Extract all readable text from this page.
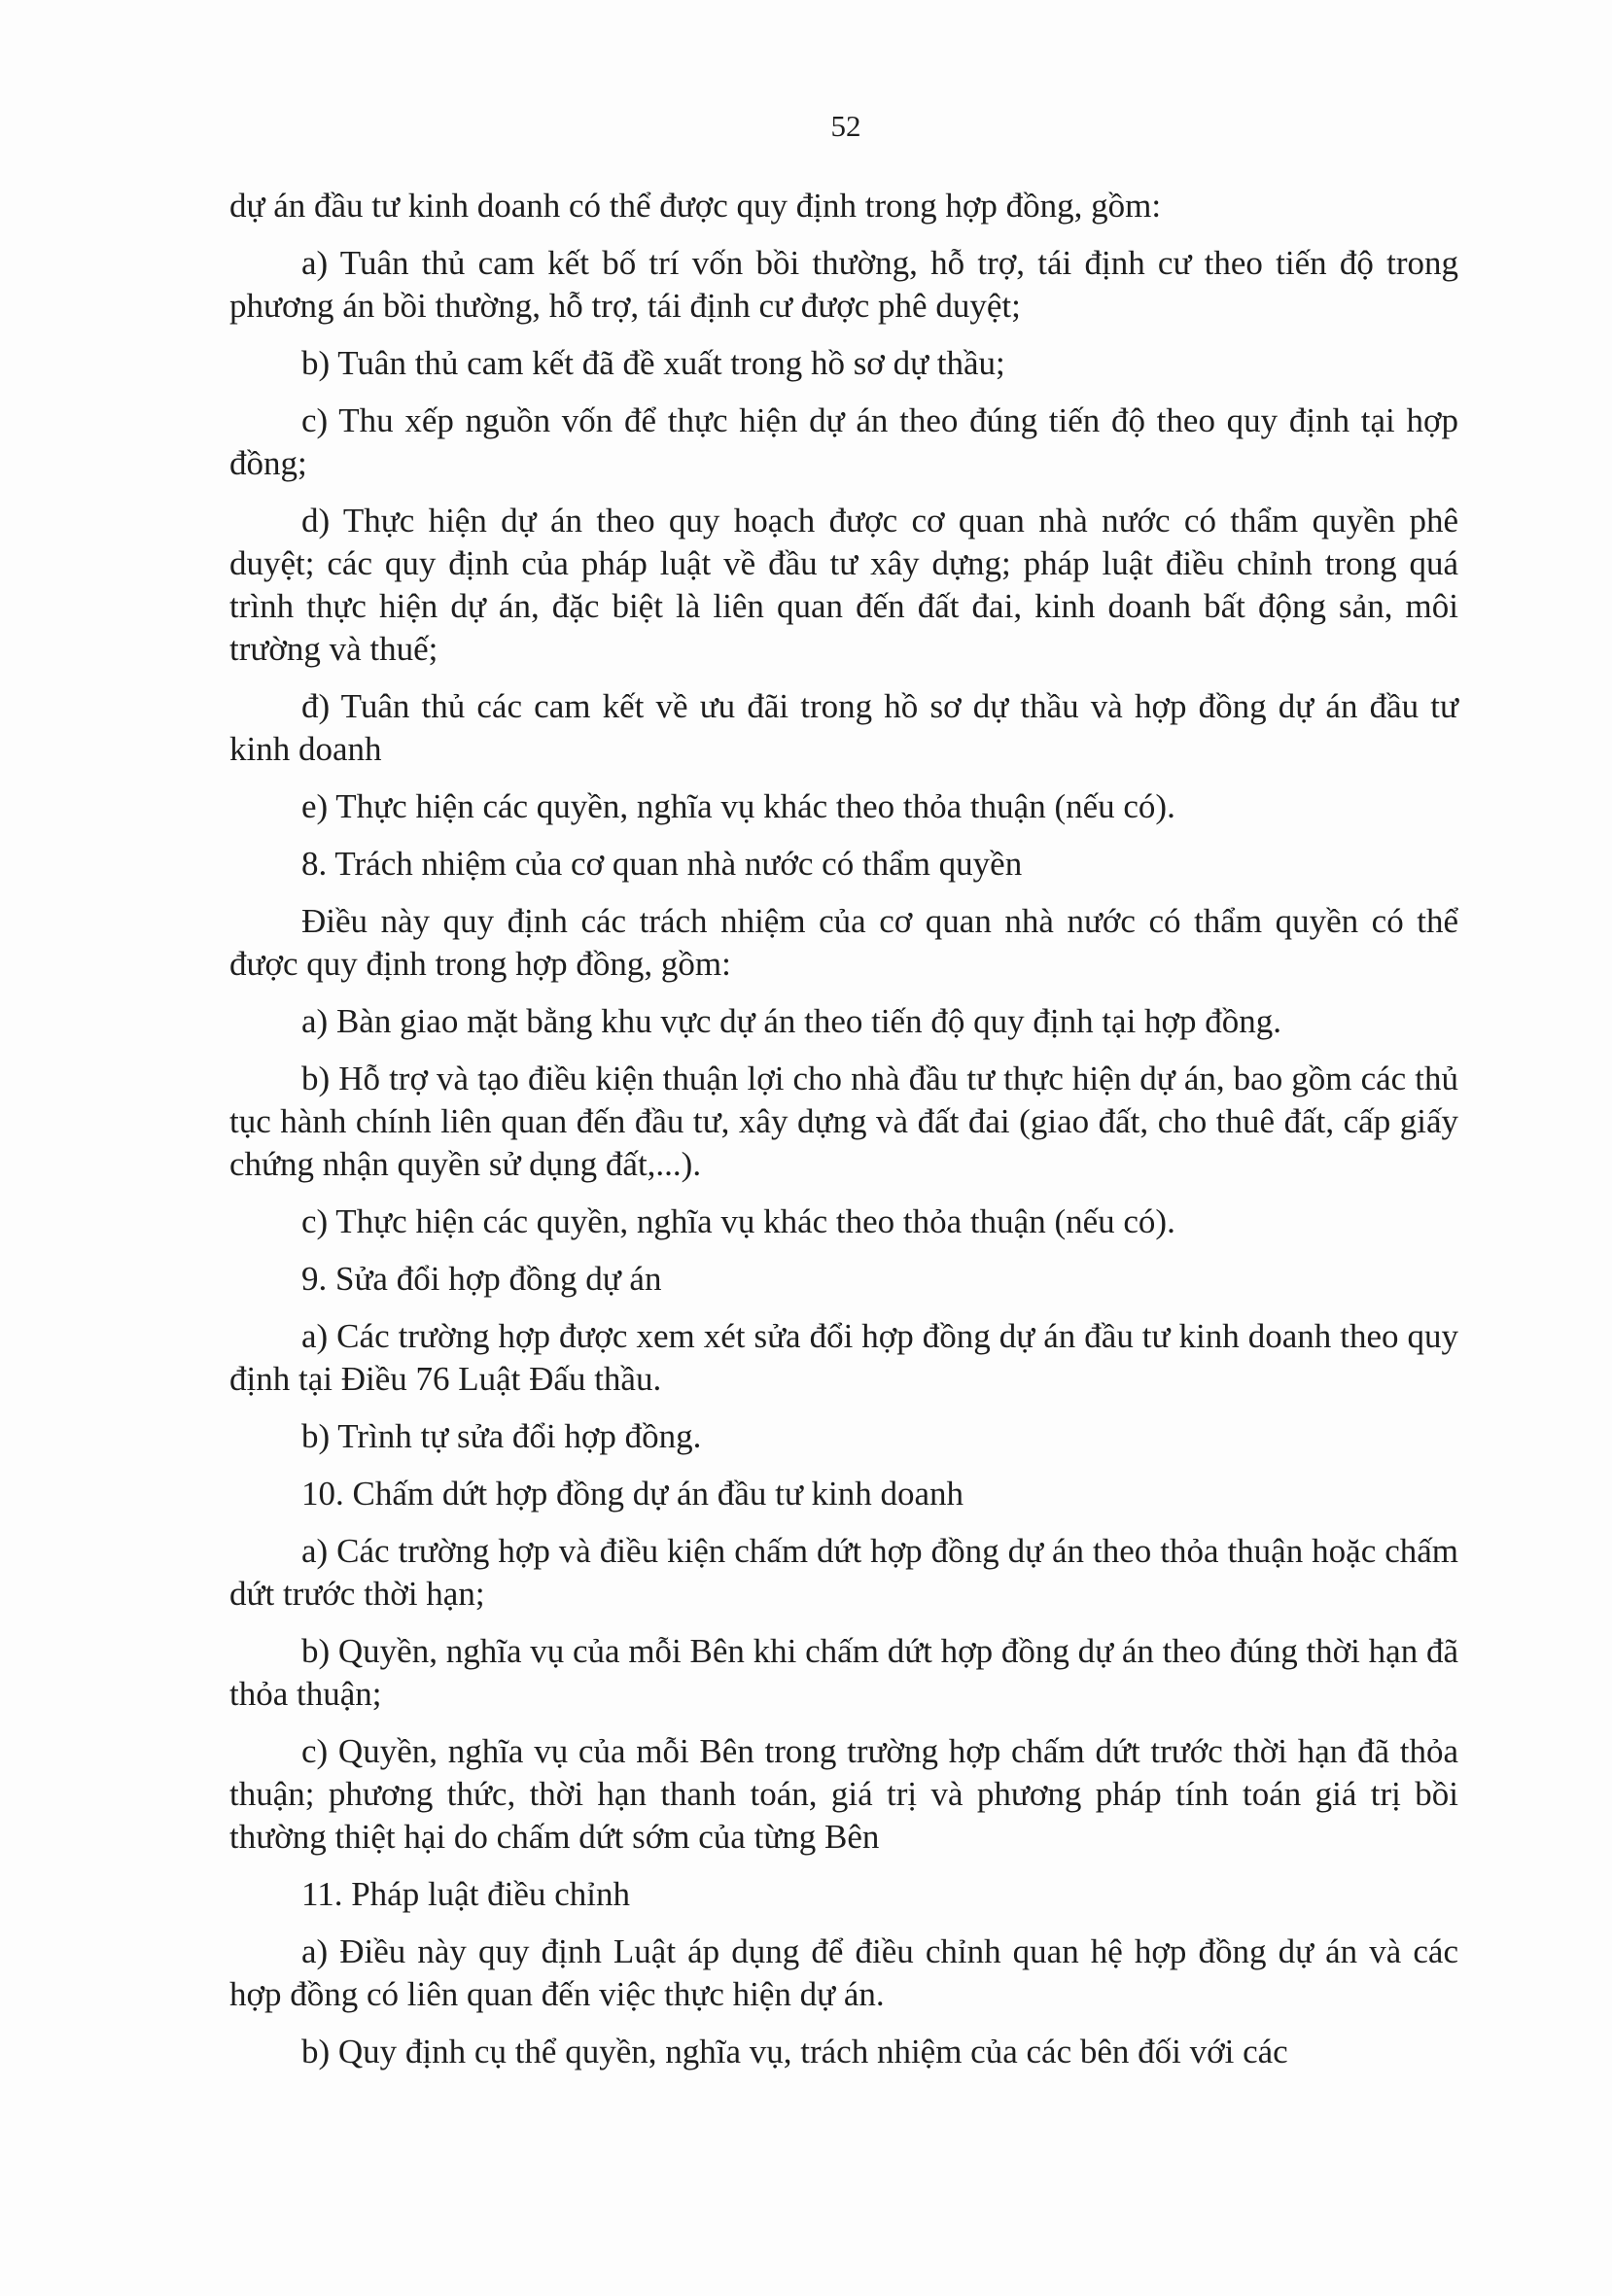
52

dự án đầu tư kinh doanh có thể được quy định trong hợp đồng, gồm:

a) Tuân thủ cam kết bố trí vốn bồi thường, hỗ trợ, tái định cư theo tiến độ trong phương án bồi thường, hỗ trợ, tái định cư được phê duyệt;

b) Tuân thủ cam kết đã đề xuất trong hồ sơ dự thầu;

c) Thu xếp nguồn vốn để thực hiện dự án theo đúng tiến độ theo quy định tại hợp đồng;

d) Thực hiện dự án theo quy hoạch được cơ quan nhà nước có thẩm quyền phê duyệt; các quy định của pháp luật về đầu tư xây dựng; pháp luật điều chỉnh trong quá trình thực hiện dự án, đặc biệt là liên quan đến đất đai, kinh doanh bất động sản, môi trường và thuế;

đ) Tuân thủ các cam kết về ưu đãi trong hồ sơ dự thầu và hợp đồng dự án đầu tư kinh doanh

e) Thực hiện các quyền, nghĩa vụ khác theo thỏa thuận (nếu có).

8. Trách nhiệm của cơ quan nhà nước có thẩm quyền

Điều này quy định các trách nhiệm của cơ quan nhà nước có thẩm quyền có thể được quy định trong hợp đồng, gồm:

a) Bàn giao mặt bằng khu vực dự án theo tiến độ quy định tại hợp đồng.

b) Hỗ trợ và tạo điều kiện thuận lợi cho nhà đầu tư thực hiện dự án, bao gồm các thủ tục hành chính liên quan đến đầu tư, xây dựng và đất đai (giao đất, cho thuê đất, cấp giấy chứng nhận quyền sử dụng đất,...).

c) Thực hiện các quyền, nghĩa vụ khác theo thỏa thuận (nếu có).

9. Sửa đổi hợp đồng dự án

a) Các trường hợp được xem xét sửa đổi hợp đồng dự án đầu tư kinh doanh theo quy định tại Điều 76 Luật Đấu thầu.

b) Trình tự sửa đổi hợp đồng.

10. Chấm dứt hợp đồng dự án đầu tư kinh doanh

a) Các trường hợp và điều kiện chấm dứt hợp đồng dự án theo thỏa thuận hoặc chấm dứt trước thời hạn;

b) Quyền, nghĩa vụ của mỗi Bên khi chấm dứt hợp đồng dự án theo đúng thời hạn đã thỏa thuận;

c) Quyền, nghĩa vụ của mỗi Bên trong trường hợp chấm dứt trước thời hạn đã thỏa thuận; phương thức, thời hạn thanh toán, giá trị và phương pháp tính toán giá trị bồi thường thiệt hại do chấm dứt sớm của từng Bên

11. Pháp luật điều chỉnh

a) Điều này quy định Luật áp dụng để điều chỉnh quan hệ hợp đồng dự án và các hợp đồng có liên quan đến việc thực hiện dự án.

b) Quy định cụ thể quyền, nghĩa vụ, trách nhiệm của các bên đối với các
